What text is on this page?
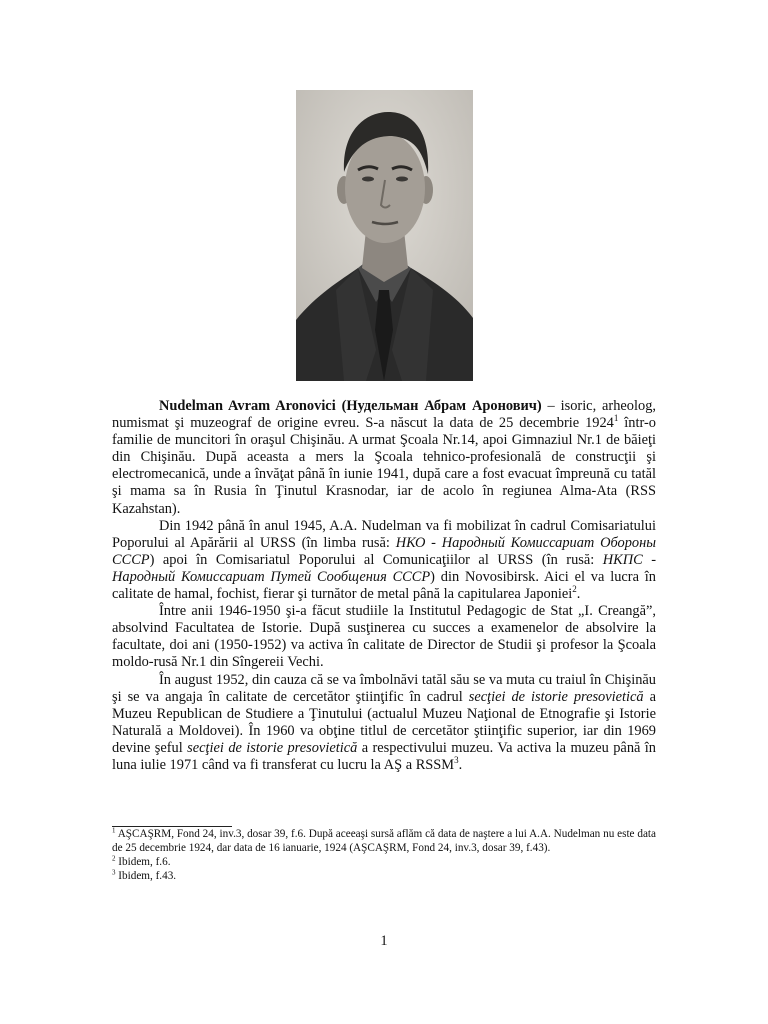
Nudelman Avram Aronovici (Нудельман Абрам Аронович) – isoric, arheolog, numismat şi muzeograf de origine evreu. S-a născut la data de 25 decembrie 1924$^1$ într-o familie de muncitori în oraşul Chişinău. A urmat Şcoala Nr.14, apoi Gimnaziul Nr.1 de băieţi din Chişinău. După aceasta a mers la Şcoala tehnico-profesională de construcţii şi electromecanică, unde a învăţat până în iunie 1941, după care a fost evacuat împreună cu tatăl şi mama sa în Rusia în Ţinutul Krasnodar, iar de acolo în regiunea Alma-Ata (RSS Kazahstan).

Din 1942 până în anul 1945, A.A. Nudelman va fi mobilizat în cadrul Comisariatului Poporului al Apărării al URSS (în limba rusă: НКО - Народный Комиссариат Обороны СССР) apoi în Comisariatul Poporului al Comunicaţiilor al URSS (în rusă: НКПС - Народный Комиссариат Путей Сообщения СССР) din Novosibirsk. Aici el va lucra în calitate de hamal, fochist, fierar şi turnător de metal până la capitularea Japoniei$^2$.

Între anii 1946-1950 şi-a făcut studiile la Institutul Pedagogic de Stat „I. Creangă”, absolvind Facultatea de Istorie. După susţinerea cu succes a examenelor de absolvire la facultate, doi ani (1950-1952) va activa în calitate de Director de Studii şi profesor la Şcoala moldo-rusă Nr.1 din Sîngereii Vechi.

În august 1952, din cauza că se va îmbolnăvi tatăl său se va muta cu traiul în Chişinău şi se va angaja în calitate de cercetător ştiinţific în cadrul secţiei de istorie presovietică a Muzeu Republican de Studiere a Ţinutului (actualul Muzeu Naţional de Etnografie şi Istorie Naturală a Moldovei). În 1960 va obţine titlul de cercetător ştiinţific superior, iar din 1969 devine şeful secţiei de istorie presovietică a respectivului muzeu. Va activa la muzeu până în luna iulie 1971 când va fi transferat cu lucru la AŞ a RSSM$^3$.

$^1$ AŞCAŞRM, Fond 24, inv.3, dosar 39, f.6. După aceeaşi sursă aflăm că data de naştere a lui A.A. Nudelman nu este data de 25 decembrie 1924, dar data de 16 ianuarie, 1924 (AŞCAŞRM, Fond 24, inv.3, dosar 39, f.43).
$^2$ Ibidem, f.6.
$^3$ Ibidem, f.43.
1
